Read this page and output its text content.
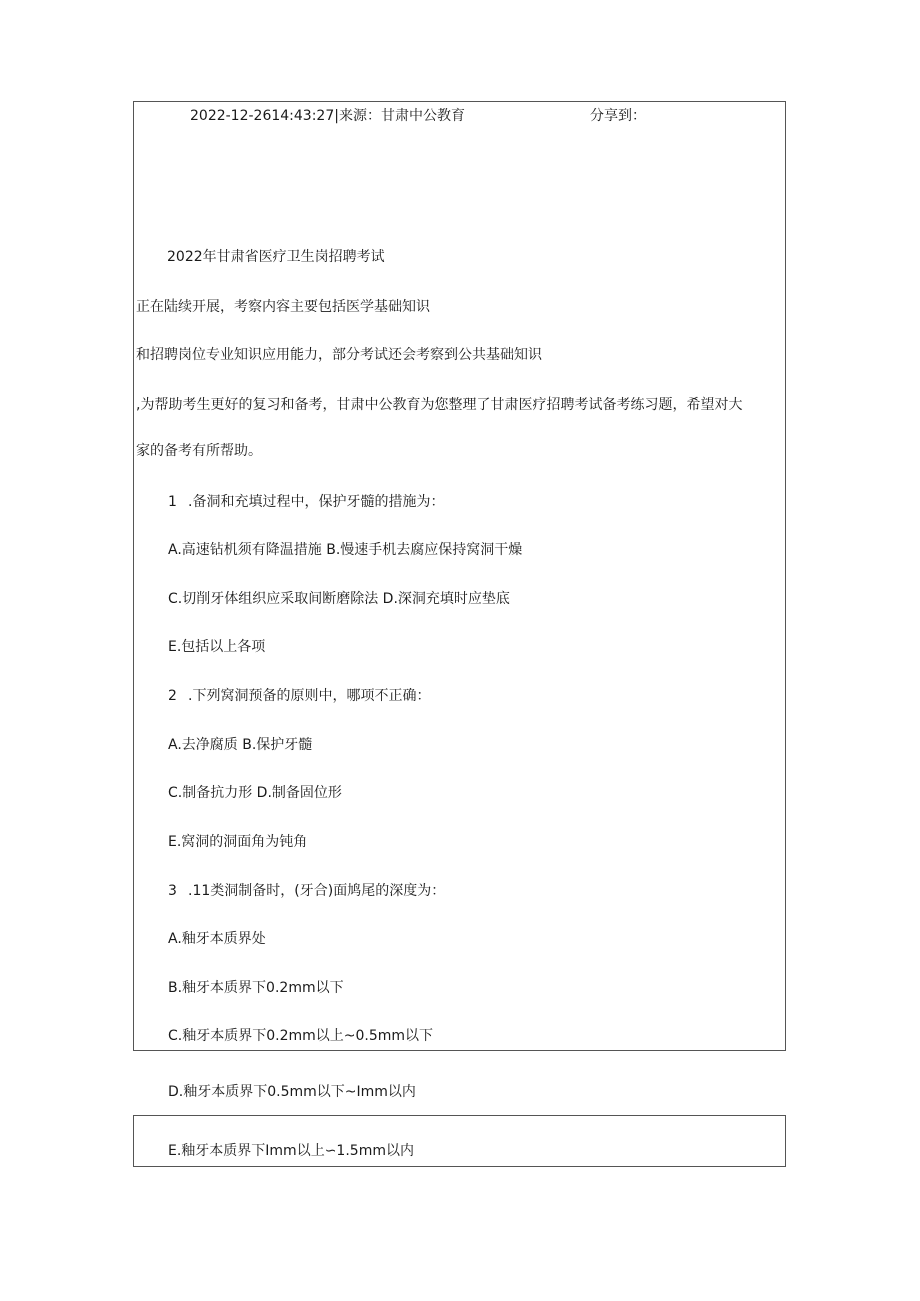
2022-12-2614:43:27|来源：甘肃中公教育	分享到：
2022年甘肃省医疗卫生岗招聘考试
正在陆续开展，考察内容主要包括医学基础知识
和招聘岗位专业知识应用能力，部分考试还会考察到公共基础知识
,为帮助考生更好的复习和备考，甘肃中公教育为您整理了甘肃医疗招聘考试备考练习题，希望对大
家的备考有所帮助。
1 .备洞和充填过程中，保护牙髓的措施为：
A.高速钻机须有降温措施 B.慢速手机去腐应保持窝洞干燥
C.切削牙体组织应采取间断磨除法 D.深洞充填时应垫底
E.包括以上各项
2 .下列窝洞预备的原则中，哪项不正确：
A.去净腐质 B.保护牙髓
C.制备抗力形 D.制备固位形
E.窝洞的洞面角为钝角
3 .11类洞制备时，(牙合)面鸠尾的深度为：
A.釉牙本质界处
B.釉牙本质界下0.2mm以下
C.釉牙本质界下0.2mm以上~0.5mm以下
D.釉牙本质界下0.5mm以下~Imm以内
E.釉牙本质界下Imm以上∽1.5mm以内
